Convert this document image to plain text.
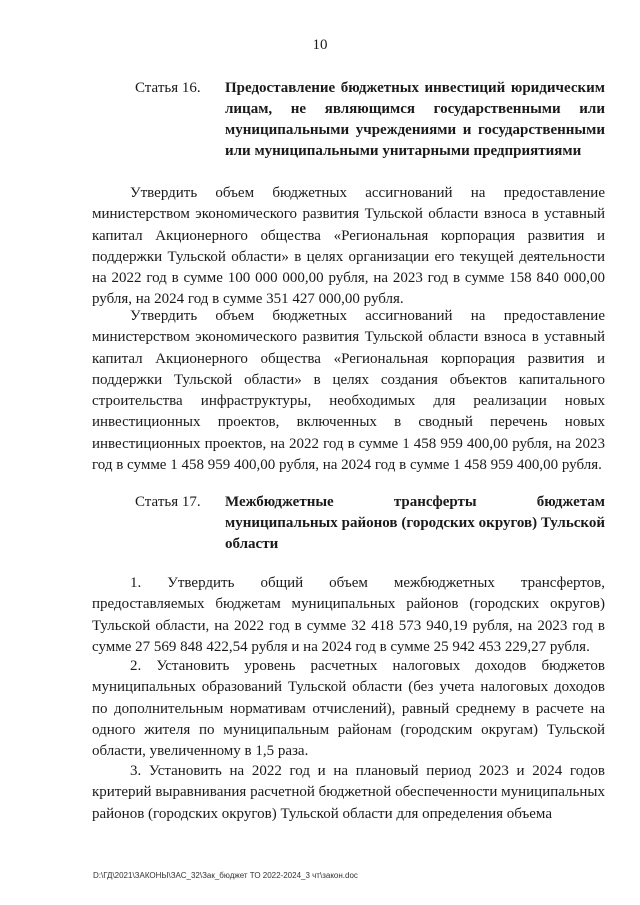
10
Статья 16.	Предоставление бюджетных инвестиций юридическим лицам, не являющимся государственными или муниципальными учреждениями и государственными или муниципальными унитарными предприятиями

Утвердить объем бюджетных ассигнований на предоставление министерством экономического развития Тульской области взноса в уставный капитал Акционерного общества «Региональная корпорация развития и поддержки Тульской области» в целях организации его текущей деятельности на 2022 год в сумме 100 000 000,00 рубля, на 2023 год в сумме 158 840 000,00 рубля, на 2024 год в сумме 351 427 000,00 рубля.

Утвердить объем бюджетных ассигнований на предоставление министерством экономического развития Тульской области взноса в уставный капитал Акционерного общества «Региональная корпорация развития и поддержки Тульской области» в целях создания объектов капитального строительства инфраструктуры, необходимых для реализации новых инвестиционных проектов, включенных в сводный перечень новых инвестиционных проектов, на 2022 год в сумме 1 458 959 400,00 рубля, на 2023 год в сумме 1 458 959 400,00 рубля, на 2024 год в сумме 1 458 959 400,00 рубля.

Статья 17.	Межбюджетные трансферты бюджетам муниципальных районов (городских округов) Тульской области

1. Утвердить общий объем межбюджетных трансфертов, предоставляемых бюджетам муниципальных районов (городских округов) Тульской области, на 2022 год в сумме 32 418 573 940,19 рубля, на 2023 год в сумме 27 569 848 422,54 рубля и на 2024 год в сумме 25 942 453 229,27 рубля.

2. Установить уровень расчетных налоговых доходов бюджетов муниципальных образований Тульской области (без учета налоговых доходов по дополнительным нормативам отчислений), равный среднему в расчете на одного жителя по муниципальным районам (городским округам) Тульской области, увеличенному в 1,5 раза.

3. Установить на 2022 год и на плановый период 2023 и 2024 годов критерий выравнивания расчетной бюджетной обеспеченности муниципальных районов (городских округов) Тульской области для определения объема

D:\ГД\2021\ЗАКОНЫ\ЗАС_32\Зак_бюджет ТО 2022-2024_3 чт\закон.doc
